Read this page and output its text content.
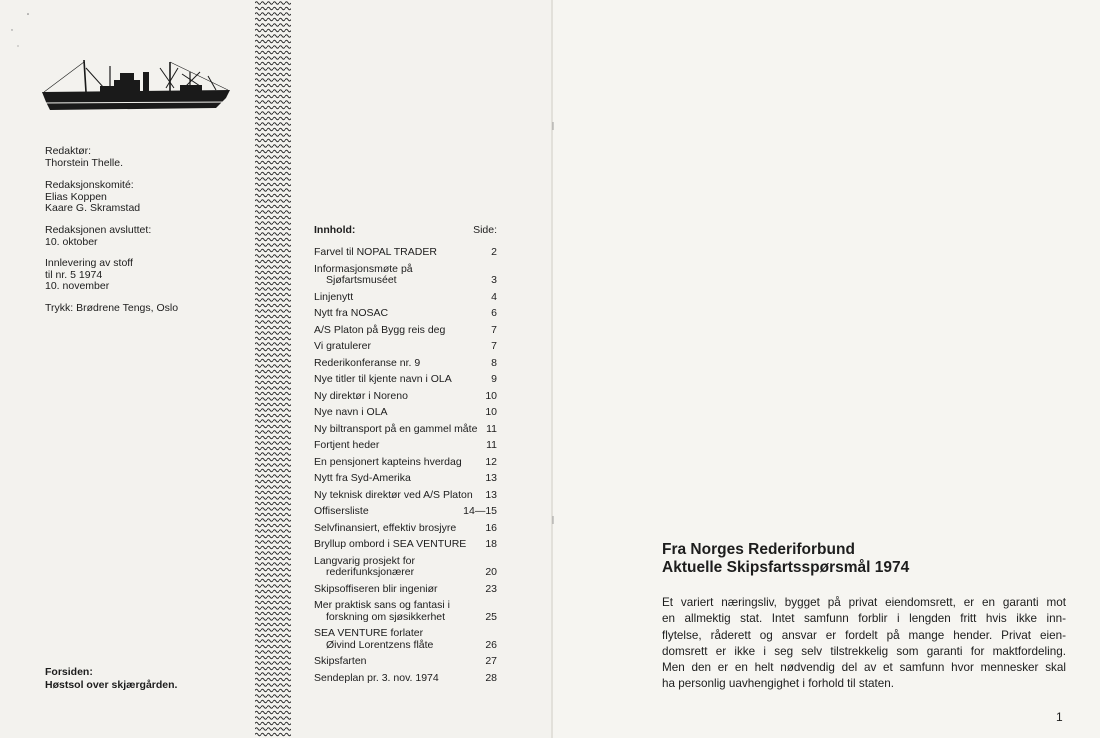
Redaktør:
Thorstein Thelle.
Redaksjonskomité:
Elias Koppen
Kaare G. Skramstad
Redaksjonen avsluttet:
10. oktober
Innlevering av stoff
til nr. 5 1974
10. november
Trykk: Brødrene Tengs, Oslo
Forsiden:
Høstsol over skjærgården.
Innhold:	Side:
Farvel til NOPAL TRADER	2
Informasjonsmøte på
Sjøfartsmuséet	3
Linjenytt	4
Nytt fra NOSAC	6
A/S Platon på Bygg reis deg	7
Vi gratulerer	7
Rederikonferanse nr. 9	8
Nye titler til kjente navn i OLA	9
Ny direktør i Noreno	10
Nye navn i OLA	10
Ny biltransport på en gammel måte 11
Fortjent heder	11
En pensjonert kapteins hverdag	12
Nytt fra Syd-Amerika	13
Ny teknisk direktør ved A/S Platon	13
Offisersliste	14—15
Selvfinansiert, effektiv brosjyre	16
Bryllup ombord i SEA VENTURE	18
Langvarig prosjekt for
rederifunksjonærer	20
Skipsoffiseren blir ingeniør	23
Mer praktisk sans og fantasi i
forskning om sjøsikkerhet	25
SEA VENTURE forlater
Øivind Lorentzens flåte	26
Skipsfarten	27
Sendeplan pr. 3. nov. 1974	28
Fra Norges Rederiforbund
Aktuelle Skipsfartsspørsmål 1974
Et variert næringsliv, bygget på privat eiendomsrett, er en garanti mot
en allmektig stat. Intet samfunn forblir i lengden fritt hvis ikke inn-
flytelse, råderett og ansvar er fordelt på mange hender. Privat eien-
domsrett er ikke i seg selv tilstrekkelig som garanti for maktfordeling.
Men den er en helt nødvendig del av et samfunn hvor mennesker skal
ha personlig uavhengighet i forhold til staten.
1
